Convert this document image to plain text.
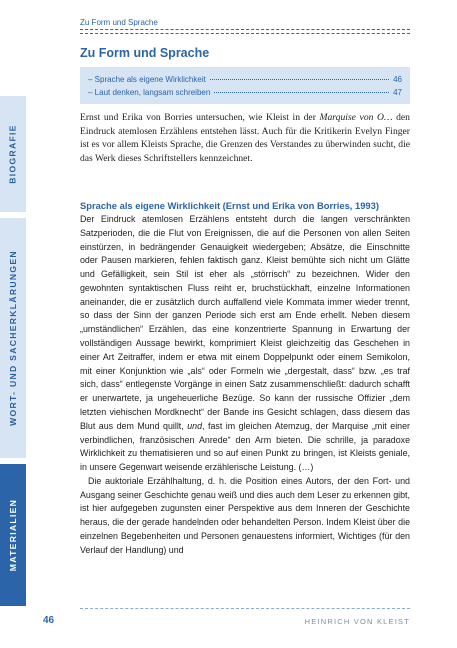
BIOGRAFIE
WORT- UND SACHERKLÄRUNGEN
MATERIALIEN
Zu Form und Sprache
Zu Form und Sprache
– Sprache als eigene Wirklichkeit	46
– Laut denken, langsam schreiben	47

Ernst und Erika von Borries untersuchen, wie Kleist in der Marquise von O… den Eindruck atemlosen Erzählens entstehen lässt. Auch für die Kritikerin Evelyn Finger ist es vor allem Kleists Sprache, die Grenzen des Verstandes zu überwinden sucht, die das Werk dieses Schriftstellers kennzeichnet.

Sprache als eigene Wirklichkeit (Ernst und Erika von Borries, 1993)

Der Eindruck atemlosen Erzählens entsteht durch die langen verschränkten Satzperioden, die die Flut von Ereignissen, die auf die Personen von allen Seiten einstürzen, in bedrängender Genauigkeit wiedergeben; Absätze, die Einschnitte oder Pausen markieren, fehlen faktisch ganz. Kleist bemühte sich nicht um Glätte und Gefälligkeit, sein Stil ist eher als „störrisch“ zu bezeichnen. Wider den gewohnten syntaktischen Fluss reiht er, bruchstückhaft, einzelne Informationen aneinander, die er zusätzlich durch auffallend viele Kommata immer wieder trennt, so dass der Sinn der ganzen Periode sich erst am Ende erhellt. Neben diesem „umständlichen“ Erzählen, das eine konzentrierte Spannung in Erwartung der vollständigen Aussage bewirkt, komprimiert Kleist gleichzeitig das Geschehen in einer Art Zeitraffer, indem er etwa mit einem Doppelpunkt oder einem Semikolon, mit einer Konjunktion wie „als“ oder Formeln wie „dergestalt, dass“ bzw. „es traf sich, dass“ entlegenste Vorgänge in einen Satz zusammenschließt: dadurch schafft er unerwartete, ja ungeheuerliche Bezüge. So kann der russische Offizier „dem letzten viehischen Mordknecht“ der Bande ins Gesicht schlagen, dass diesem das Blut aus dem Mund quillt, und, fast im gleichen Atemzug, der Marquise „mit einer verbindlichen, französischen Anrede“ den Arm bieten. Die schrille, ja paradoxe Wirklichkeit zu thematisieren und so auf einen Punkt zu bringen, ist Kleists geniale, in unsere Gegenwart weisende erzählerische Leistung. (…)

Die auktoriale Erzählhaltung, d. h. die Position eines Autors, der den Fort- und Ausgang seiner Geschichte genau weiß und dies auch dem Leser zu erkennen gibt, ist hier aufgegeben zugunsten einer Perspektive aus dem Inneren der Geschichte heraus, die der gerade handelnden oder behandelten Person. Indem Kleist über die einzelnen Begebenheiten und Personen genauestens informiert, Wichtiges (für den Verlauf der Handlung) und

46	HEINRICH VON KLEIST
